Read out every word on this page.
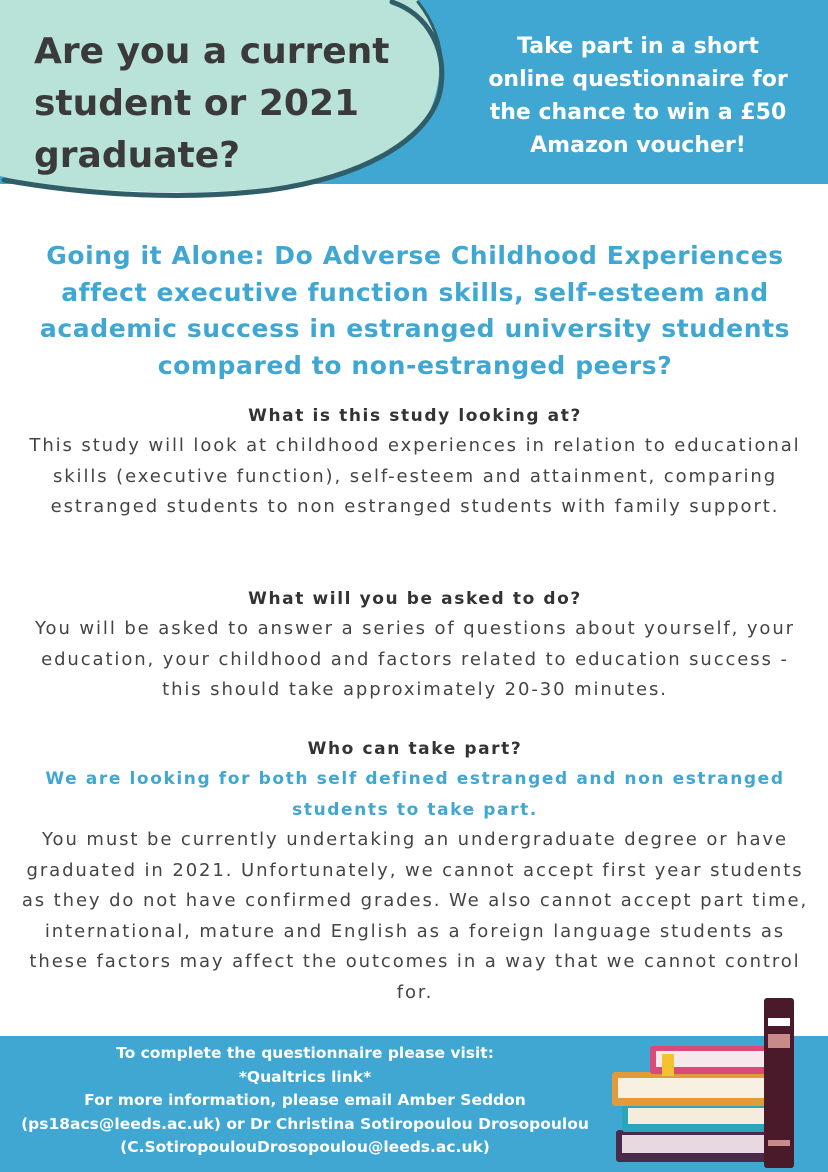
Are you a current student or 2021 graduate?

Take part in a short online questionnaire for the chance to win a £50 Amazon voucher!

Going it Alone: Do Adverse Childhood Experiences affect executive function skills, self-esteem and academic success in estranged university students compared to non-estranged peers?
What is this study looking at?

This study will look at childhood experiences in relation to educational skills (executive function), self-esteem and attainment, comparing estranged students to non estranged students with family support.

What will you be asked to do?

You will be asked to answer a series of questions about yourself, your education, your childhood and factors related to education success - this should take approximately 20-30 minutes.

Who can take part?

We are looking for both self defined estranged and non estranged students to take part.

You must be currently undertaking an undergraduate degree or have graduated in 2021. Unfortunately, we cannot accept first year students as they do not have confirmed grades. We also cannot accept part time, international, mature and English as a foreign language students as these factors may affect the outcomes in a way that we cannot control for.

To complete the questionnaire please visit:

*Qualtrics link*

For more information, please email Amber Seddon (ps18acs@leeds.ac.uk) or Dr Christina Sotiropoulou Drosopoulou (C.SotiropoulouDrosopoulou@leeds.ac.uk)
